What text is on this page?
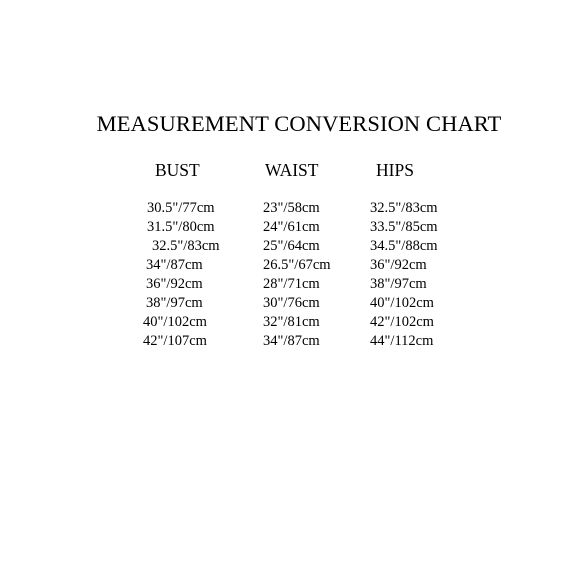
MEASUREMENT CONVERSION CHART
BUST
30.5"/77cm
31.5"/80cm
32.5"/83cm
34"/87cm
36"/92cm
38"/97cm
40"/102cm
42"/107cm
WAIST
23"/58cm
24"/61cm
25"/64cm
26.5"/67cm
28"/71cm
30"/76cm
32"/81cm
34"/87cm
HIPS
32.5"/83cm
33.5"/85cm
34.5"/88cm
36"/92cm
38"/97cm
40"/102cm
42"/102cm
44"/112cm
